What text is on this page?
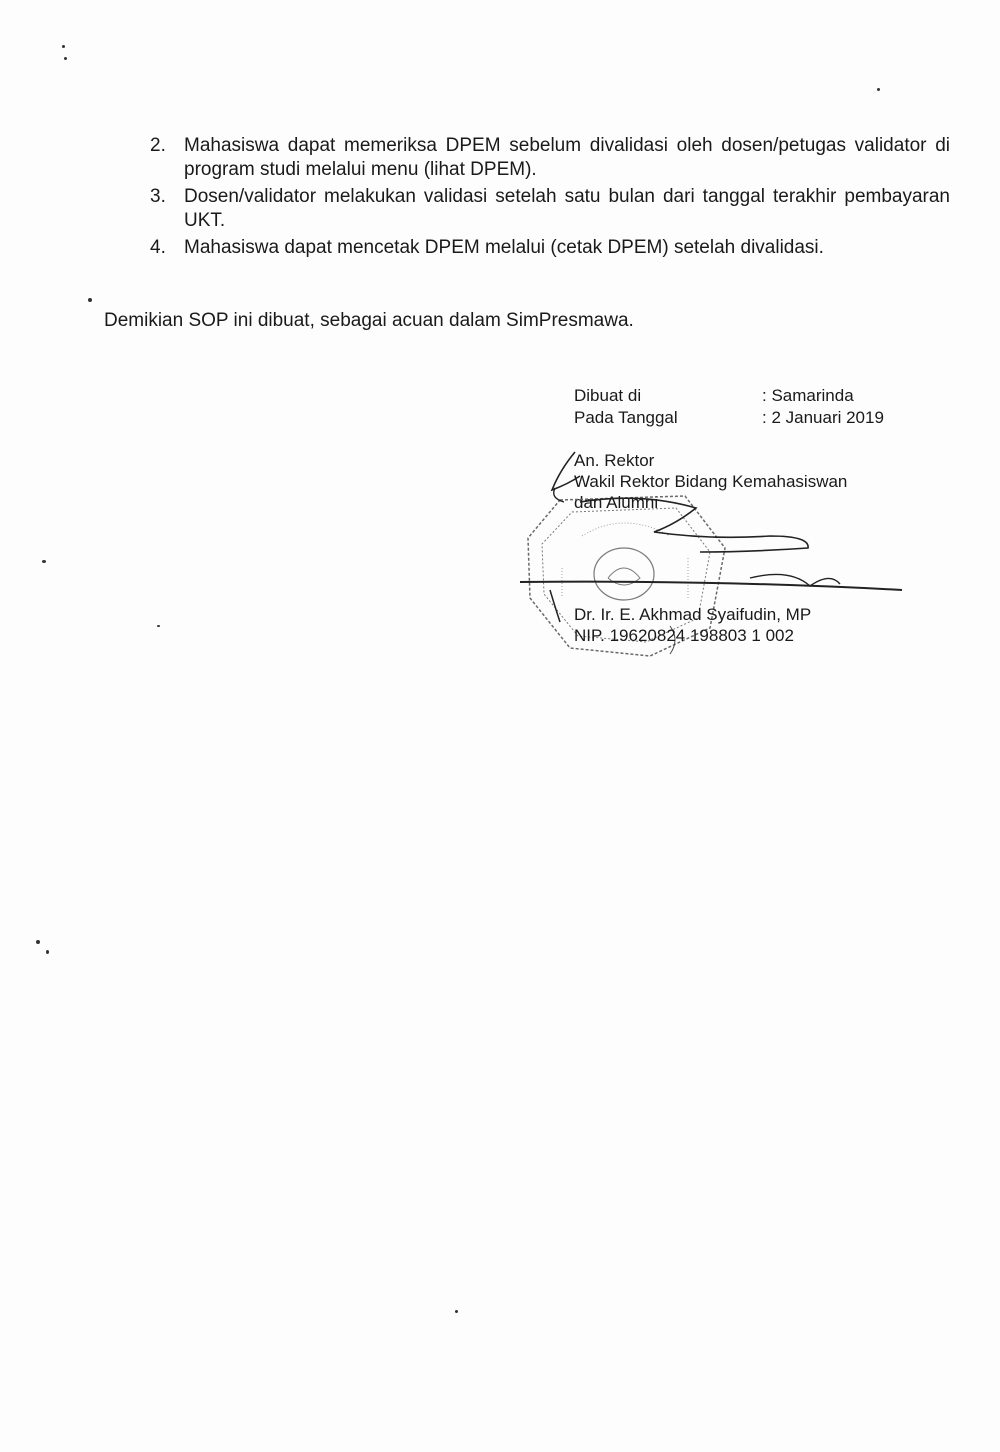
2. Mahasiswa dapat memeriksa DPEM sebelum divalidasi oleh dosen/petugas validator di program studi melalui menu (lihat DPEM).
3. Dosen/validator melakukan validasi setelah satu bulan dari tanggal terakhir pembayaran UKT.
4. Mahasiswa dapat mencetak DPEM melalui (cetak DPEM) setelah divalidasi.
Demikian SOP ini dibuat, sebagai acuan dalam SimPresmawa.
Dibuat di	: Samarinda
Pada Tanggal	: 2 Januari 2019
An. Rektor
Wakil Rektor Bidang Kemahasiswan
dan Alumni
Dr. Ir. E. Akhmad Syaifudin, MP
NIP. 19620824 198803 1 002
